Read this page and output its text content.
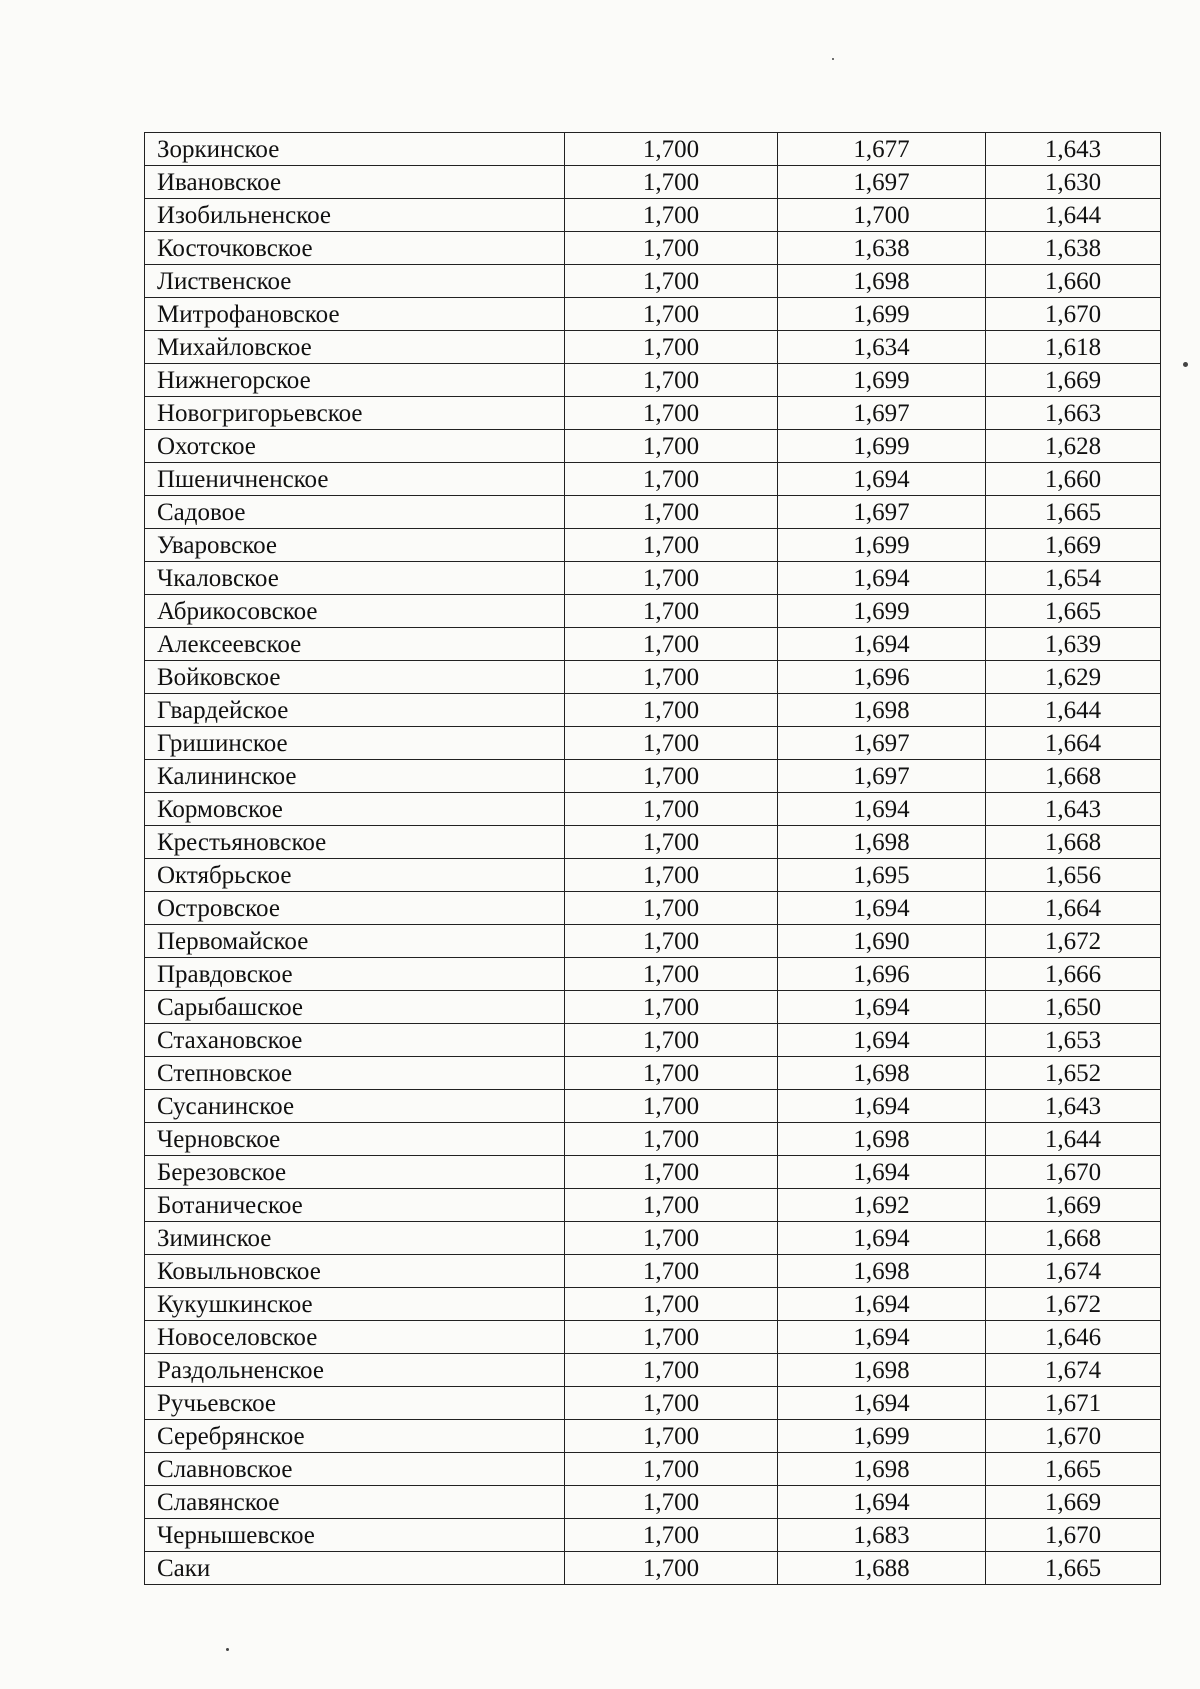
Зоркинское	1,700	1,677	1,643
Ивановское	1,700	1,697	1,630
Изобильненское	1,700	1,700	1,644
Косточковское	1,700	1,638	1,638
Лиственское	1,700	1,698	1,660
Митрофановское	1,700	1,699	1,670
Михайловское	1,700	1,634	1,618
Нижнегорское	1,700	1,699	1,669
Новогригорьевское	1,700	1,697	1,663
Охотское	1,700	1,699	1,628
Пшеничненское	1,700	1,694	1,660
Садовое	1,700	1,697	1,665
Уваровское	1,700	1,699	1,669
Чкаловское	1,700	1,694	1,654
Абрикосовское	1,700	1,699	1,665
Алексеевское	1,700	1,694	1,639
Войковское	1,700	1,696	1,629
Гвардейское	1,700	1,698	1,644
Гришинское	1,700	1,697	1,664
Калининское	1,700	1,697	1,668
Кормовское	1,700	1,694	1,643
Крестьяновское	1,700	1,698	1,668
Октябрьское	1,700	1,695	1,656
Островское	1,700	1,694	1,664
Первомайское	1,700	1,690	1,672
Правдовское	1,700	1,696	1,666
Сарыбашское	1,700	1,694	1,650
Стахановское	1,700	1,694	1,653
Степновское	1,700	1,698	1,652
Сусанинское	1,700	1,694	1,643
Черновское	1,700	1,698	1,644
Березовское	1,700	1,694	1,670
Ботаническое	1,700	1,692	1,669
Зиминское	1,700	1,694	1,668
Ковыльновское	1,700	1,698	1,674
Кукушкинское	1,700	1,694	1,672
Новоселовское	1,700	1,694	1,646
Раздольненское	1,700	1,698	1,674
Ручьевское	1,700	1,694	1,671
Серебрянское	1,700	1,699	1,670
Славновское	1,700	1,698	1,665
Славянское	1,700	1,694	1,669
Чернышевское	1,700	1,683	1,670
Саки	1,700	1,688	1,665
